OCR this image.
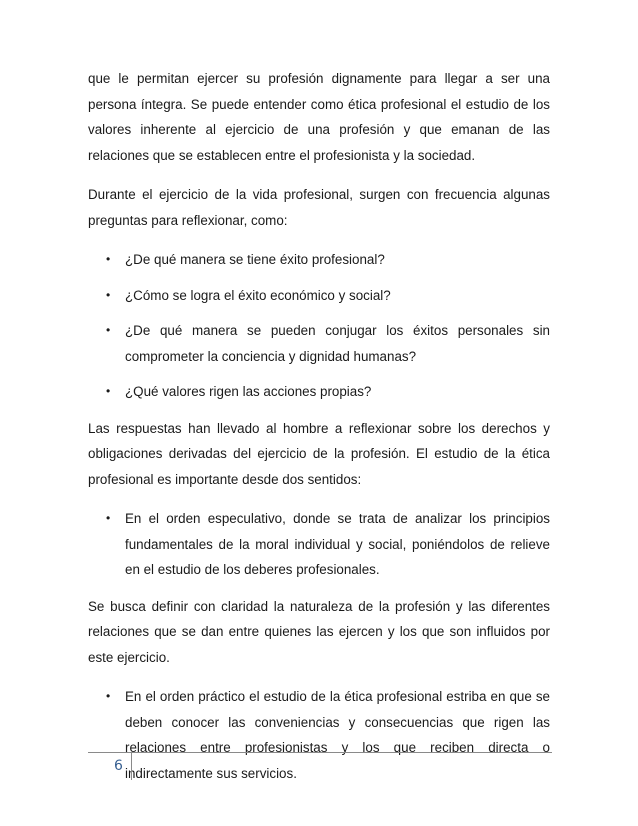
que le permitan ejercer su profesión dignamente para llegar a ser una persona íntegra. Se puede entender como ética profesional el estudio de los valores inherente al ejercicio de una profesión y que emanan de las relaciones que se establecen entre el profesionista y la sociedad.

Durante el ejercicio de la vida profesional, surgen con frecuencia algunas preguntas para reflexionar, como:

• ¿De qué manera se tiene éxito profesional?
• ¿Cómo se logra el éxito económico y social?
• ¿De qué manera se pueden conjugar los éxitos personales sin comprometer la conciencia y dignidad humanas?
• ¿Qué valores rigen las acciones propias?

Las respuestas han llevado al hombre a reflexionar sobre los derechos y obligaciones derivadas del ejercicio de la profesión. El estudio de la ética profesional es importante desde dos sentidos:

• En el orden especulativo, donde se trata de analizar los principios fundamentales de la moral individual y social, poniéndolos de relieve en el estudio de los deberes profesionales.

Se busca definir con claridad la naturaleza de la profesión y las diferentes relaciones que se dan entre quienes las ejercen y los que son influidos por este ejercicio.

• En el orden práctico el estudio de la ética profesional estriba en que se deben conocer las conveniencias y consecuencias que rigen las relaciones entre profesionistas y los que reciben directa o indirectamente sus servicios.
6
